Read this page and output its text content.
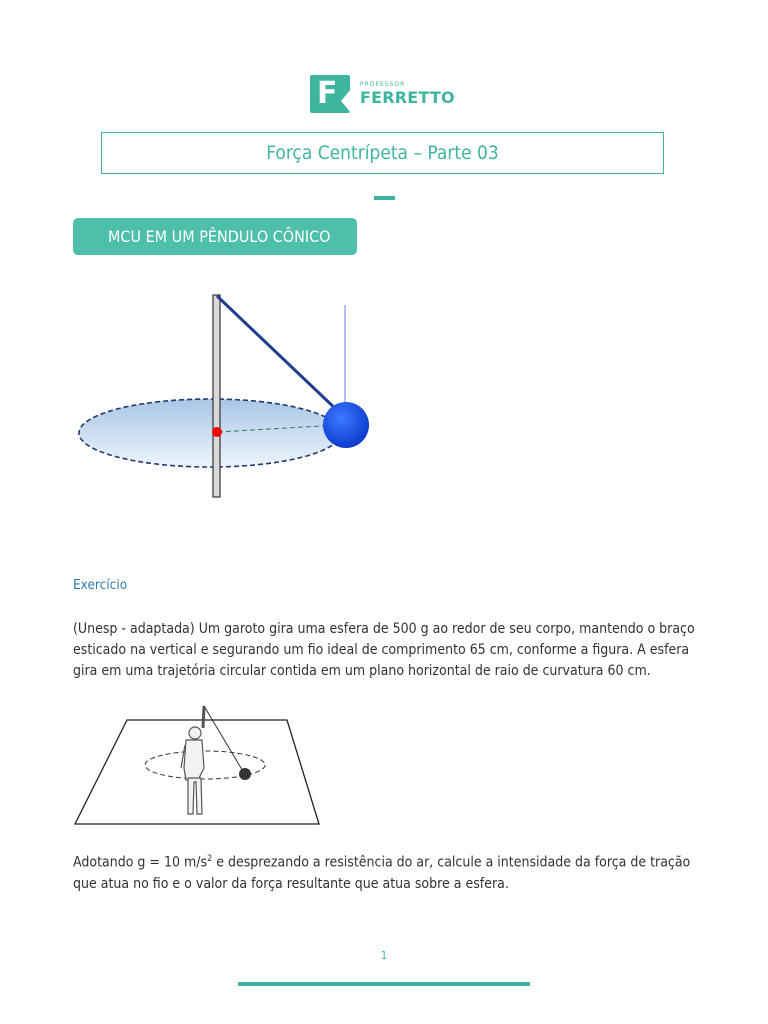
F	PROFESSOR
FERRETTO
Força Centrípeta – Parte 03
MCU EM UM PÊNDULO CÔNICO
Exercício
(Unesp - adaptada) Um garoto gira uma esfera de 500 g ao redor de seu corpo, mantendo o braço esticado na vertical e segurando um fio ideal de comprimento 65 cm, conforme a figura. A esfera gira em uma trajetória circular contida em um plano horizontal de raio de curvatura 60 cm.
Adotando g = 10 $m/s^2$ e desprezando a resistência do ar, calcule a intensidade da força de tração que atua no fio e o valor da força resultante que atua sobre a esfera.
1
